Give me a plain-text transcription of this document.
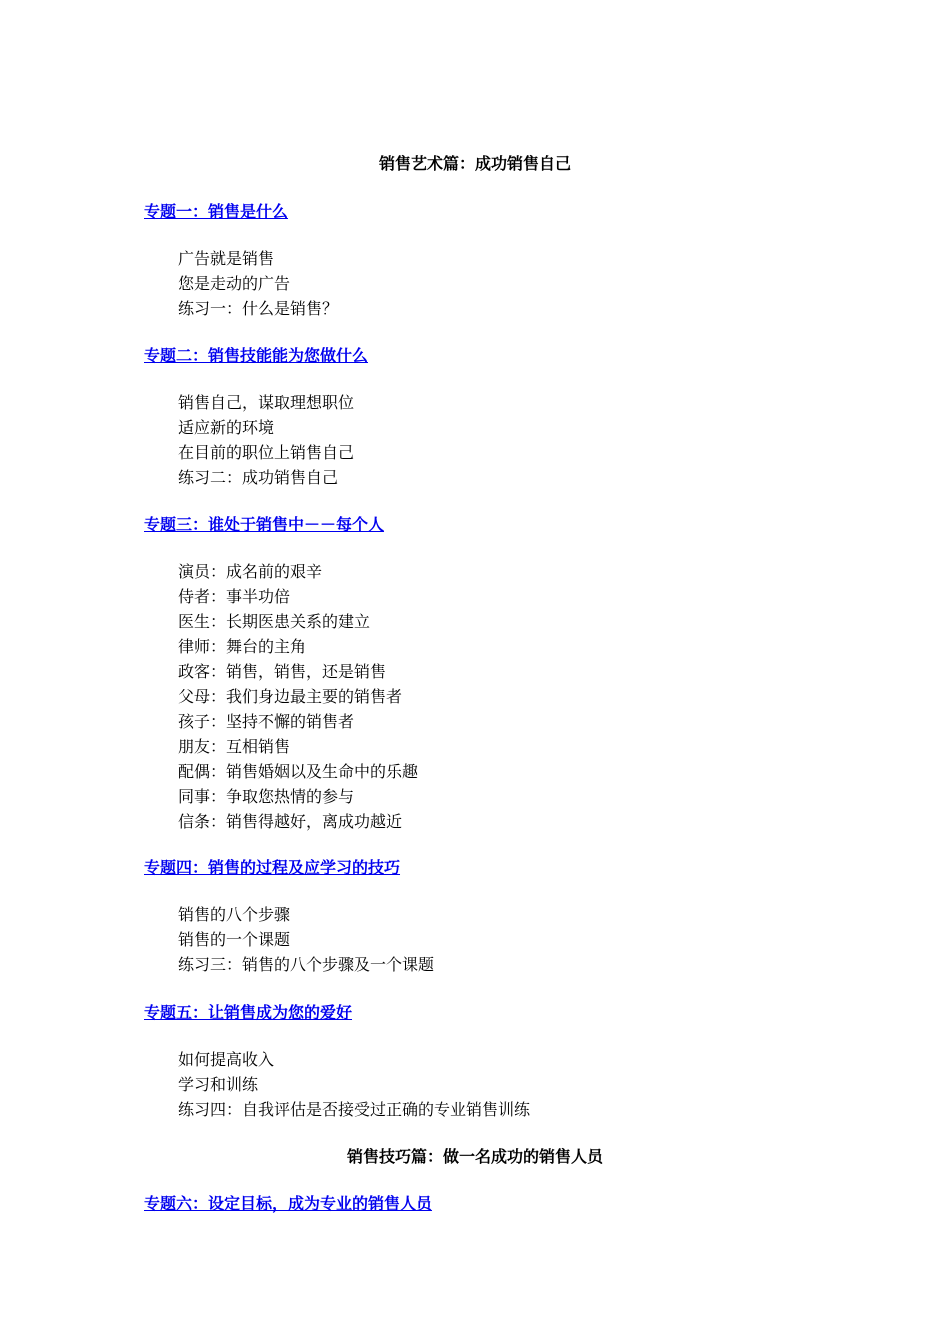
销售艺术篇：成功销售自己
专题一：销售是什么
广告就是销售
您是走动的广告
练习一：什么是销售？
专题二：销售技能能为您做什么
销售自己，谋取理想职位
适应新的环境
在目前的职位上销售自己
练习二：成功销售自己
专题三：谁处于销售中－－每个人
演员：成名前的艰辛
侍者：事半功倍
医生：长期医患关系的建立
律师：舞台的主角
政客：销售，销售，还是销售
父母：我们身边最主要的销售者
孩子：坚持不懈的销售者
朋友：互相销售
配偶：销售婚姻以及生命中的乐趣
同事：争取您热情的参与
信条：销售得越好，离成功越近
专题四：销售的过程及应学习的技巧
销售的八个步骤
销售的一个课题
练习三：销售的八个步骤及一个课题
专题五：让销售成为您的爱好
如何提高收入
学习和训练
练习四：自我评估是否接受过正确的专业销售训练
销售技巧篇：做一名成功的销售人员
专题六：设定目标，成为专业的销售人员
